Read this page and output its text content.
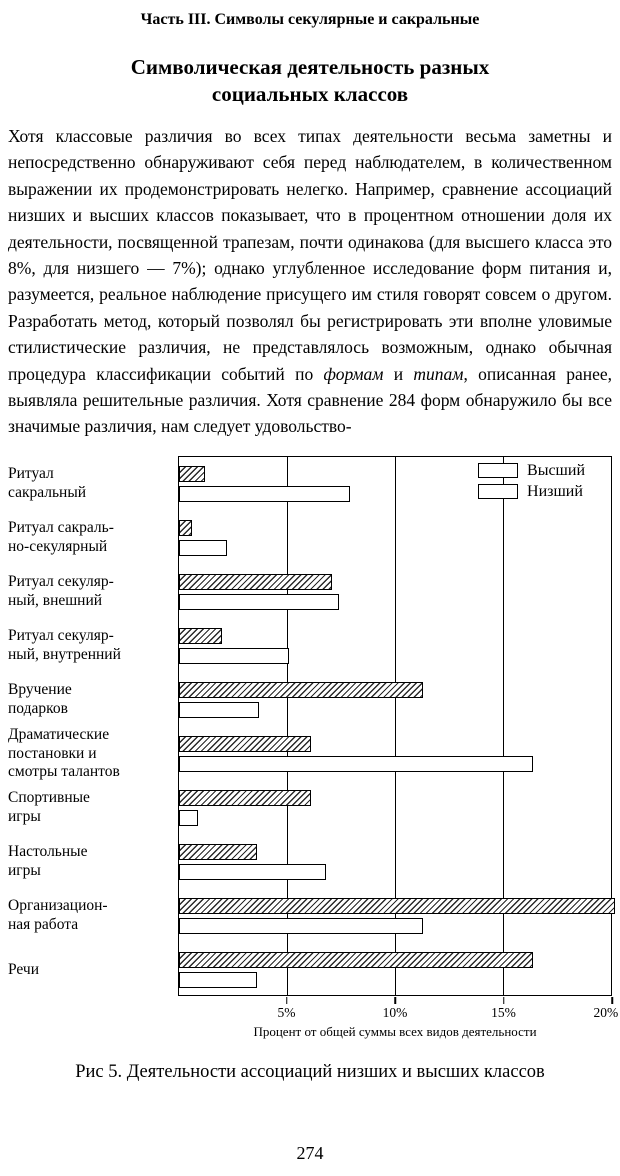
Часть III. Символы секулярные и сакральные
Символическая деятельность разных
социальных классов

Хотя классовые различия во всех типах деятельности весьма заметны и непосредственно обнаруживают себя перед наблюдателем, в количественном выражении их продемонстрировать нелегко. Например, сравнение ассоциаций низших и высших классов показывает, что в процентном отношении доля их деятельности, посвященной трапезам, почти одинакова (для высшего класса это 8%, для низшего — 7%); однако углубленное исследование форм питания и, разумеется, реальное наблюдение присущего им стиля говорят совсем о другом. Разработать метод, который позволял бы регистрировать эти вполне уловимые стилистические различия, не представлялось возможным, однако обычная процедура классификации событий по формам и типам, описанная ранее, выявляла решительные различия. Хотя сравнение 284 форм обнаружило бы все значимые различия, нам следует удовольство-

Ритуал
сакральный
Ритуал сакраль-
но-секулярный
Ритуал секуляр-
ный, внешний
Ритуал секуляр-
ный, внутренний
Вручение
подарков
Драматические
постановки и
смотры талантов
Спортивные
игры
Настольные
игры
Организацион-
ная работа
Речи
Высший
Низший
5%	10%	15%	20%
Процент от общей суммы всех видов деятельности
Рис 5. Деятельности ассоциаций низших и высших классов
274
